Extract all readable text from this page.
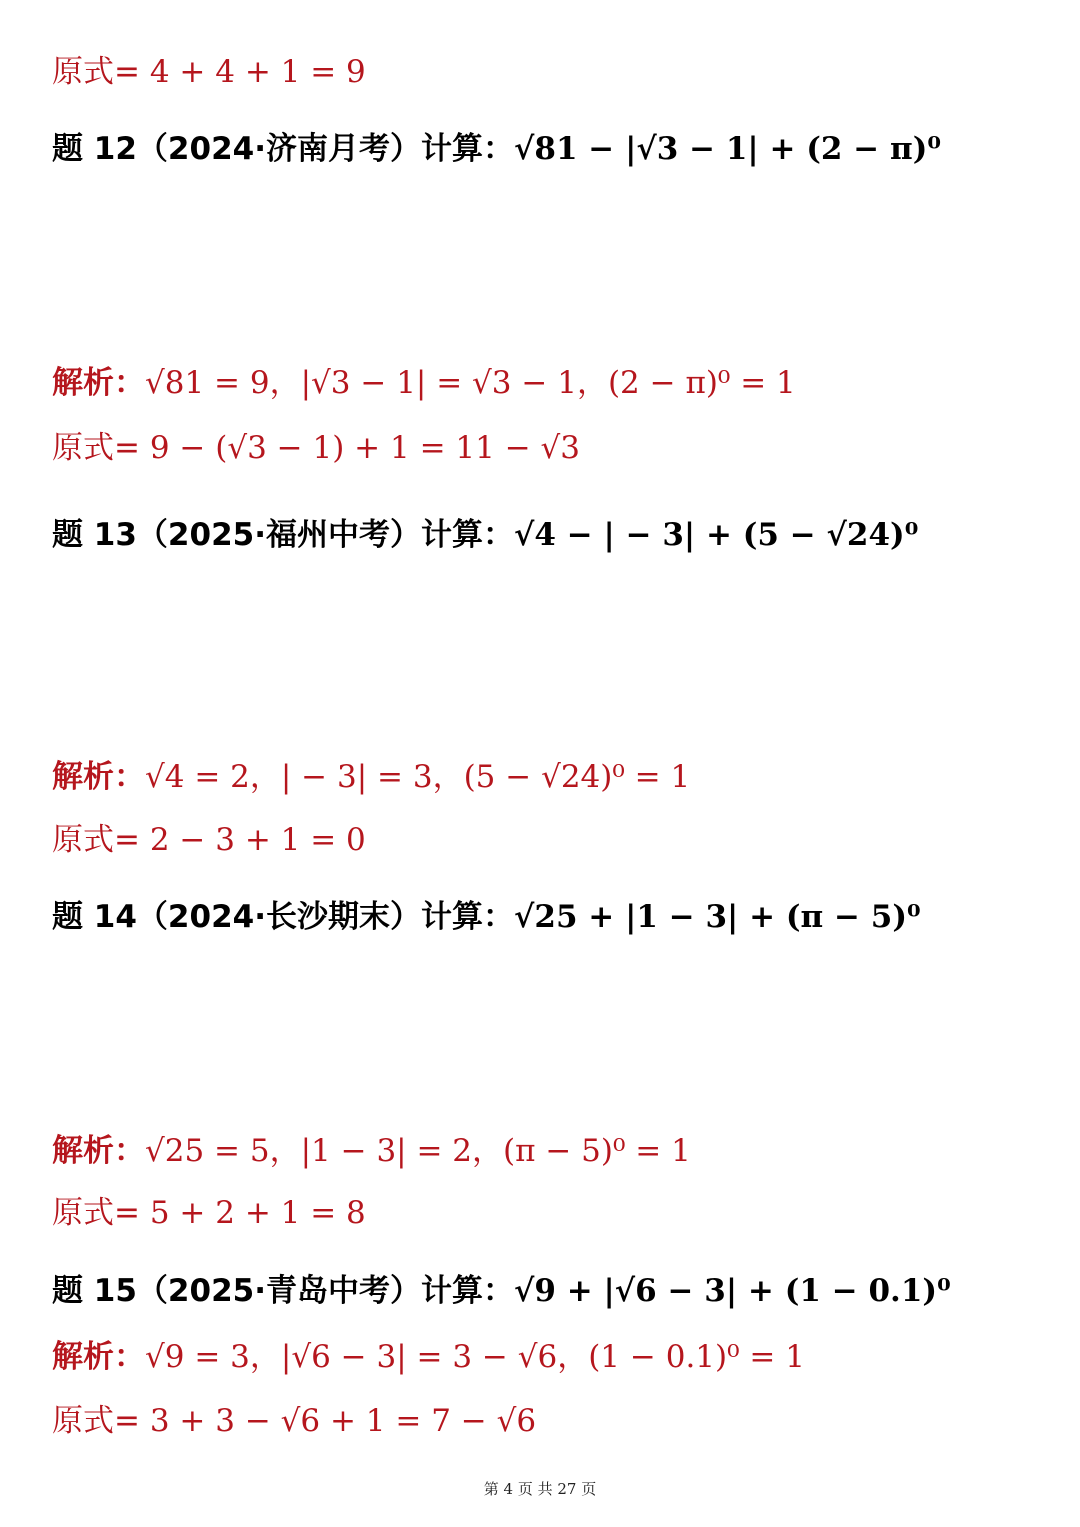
原式= 4 + 4 + 1 = 9
题 12（2024·济南月考）计算：√81 − |√3 − 1| + (2 − π)⁰
解析：√81 = 9，|√3 − 1| = √3 − 1，(2 − π)⁰ = 1
原式= 9 − (√3 − 1) + 1 = 11 − √3
题 13（2025·福州中考）计算：√4 − | − 3| + (5 − √24)⁰
解析：√4 = 2，| − 3| = 3，(5 − √24)⁰ = 1
原式= 2 − 3 + 1 = 0
题 14（2024·长沙期末）计算：√25 + |1 − 3| + (π − 5)⁰
解析：√25 = 5，|1 − 3| = 2，(π − 5)⁰ = 1
原式= 5 + 2 + 1 = 8
题 15（2025·青岛中考）计算：√9 + |√6 − 3| + (1 − 0.1)⁰
解析：√9 = 3，|√6 − 3| = 3 − √6，(1 − 0.1)⁰ = 1
原式= 3 + 3 − √6 + 1 = 7 − √6
第 4 页 共 27 页
